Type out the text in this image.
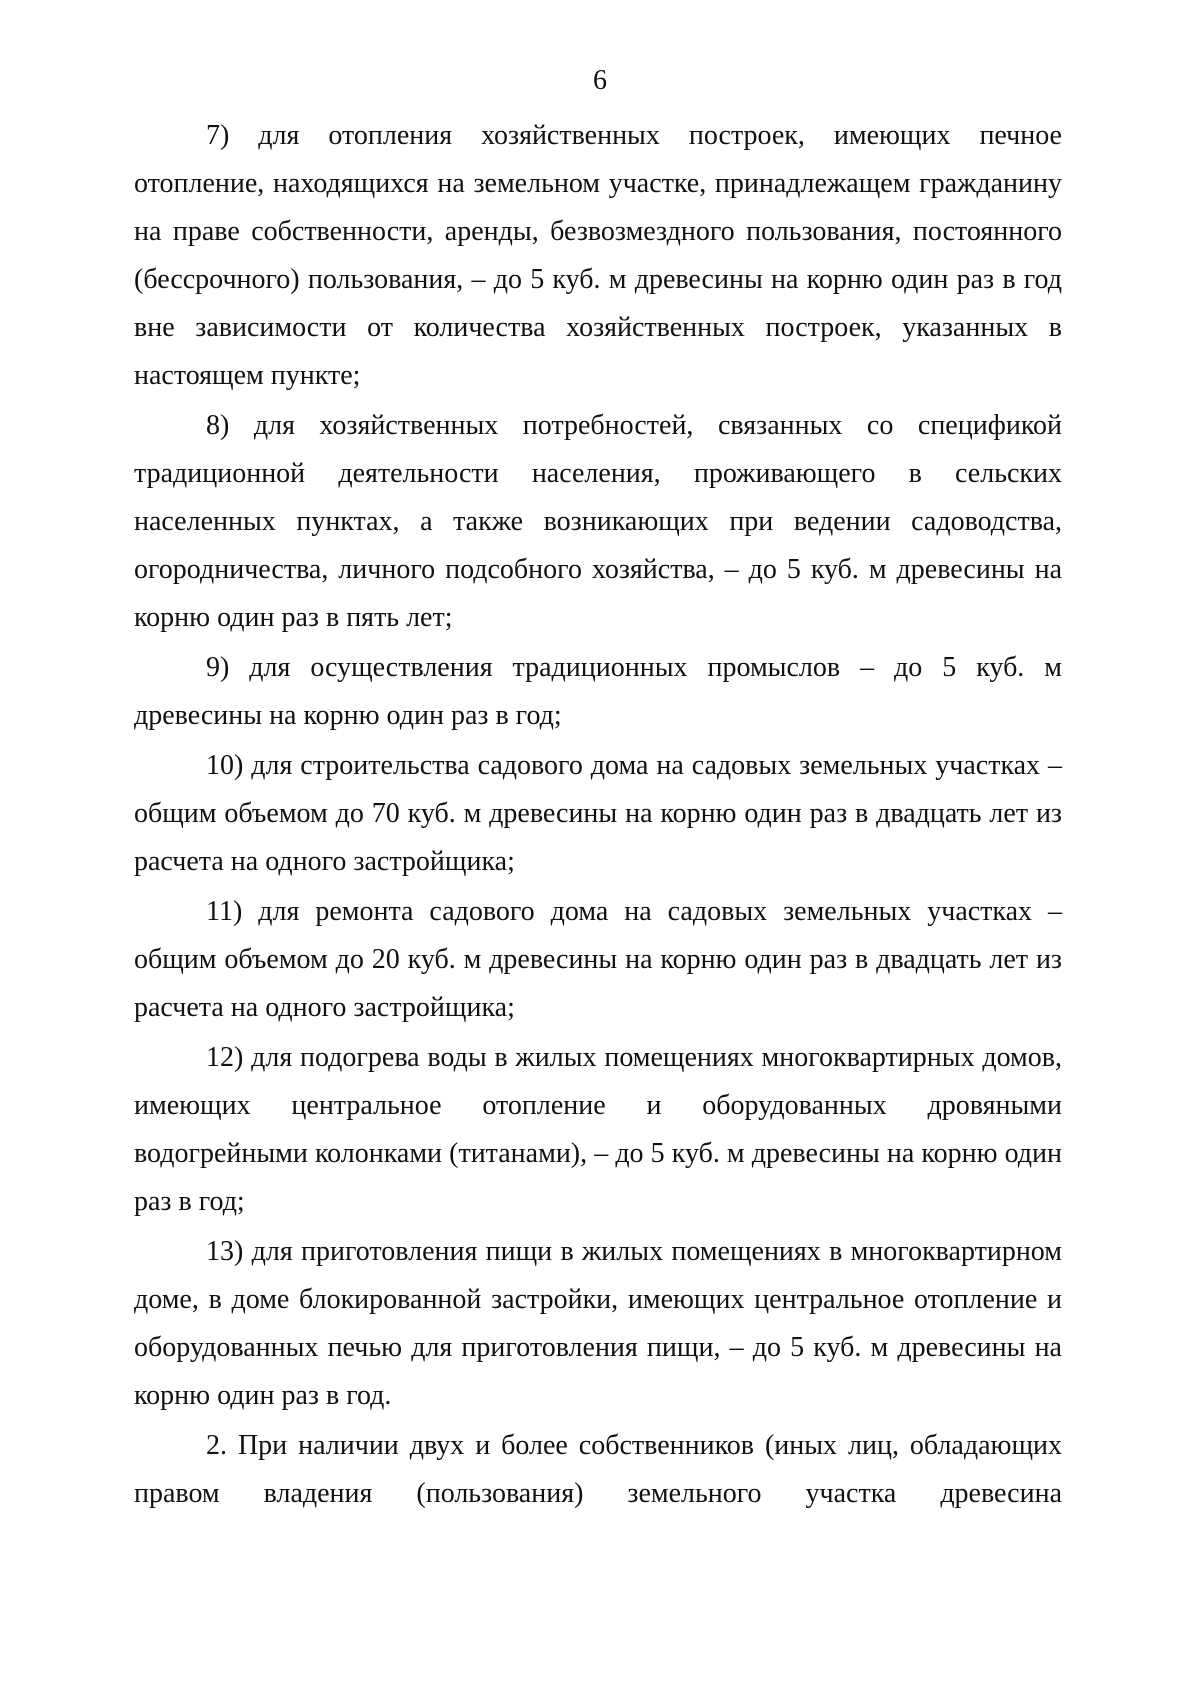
6

7) для отопления хозяйственных построек, имеющих печное отопление, находящихся на земельном участке, принадлежащем гражданину на праве собственности, аренды, безвозмездного пользования, постоянного (бессрочного) пользования, – до 5 куб. м древесины на корню один раз в год вне зависимости от количества хозяйственных построек, указанных в настоящем пункте;

8) для хозяйственных потребностей, связанных со спецификой традиционной деятельности населения, проживающего в сельских населенных пунктах, а также возникающих при ведении садоводства, огородничества, личного подсобного хозяйства, – до 5 куб. м древесины на корню один раз в пять лет;

9) для осуществления традиционных промыслов – до 5 куб. м древесины на корню один раз в год;

10) для строительства садового дома на садовых земельных участках – общим объемом до 70 куб. м древесины на корню один раз в двадцать лет из расчета на одного застройщика;

11) для ремонта садового дома на садовых земельных участках – общим объемом до 20 куб. м древесины на корню один раз в двадцать лет из расчета на одного застройщика;

12) для подогрева воды в жилых помещениях многоквартирных домов, имеющих центральное отопление и оборудованных дровяными водогрейными колонками (титанами), – до 5 куб. м древесины на корню один раз в год;

13) для приготовления пищи в жилых помещениях в многоквартирном доме, в доме блокированной застройки, имеющих центральное отопление и оборудованных печью для приготовления пищи, – до 5 куб. м древесины на корню один раз в год.

2. При наличии двух и более собственников (иных лиц, обладающих правом владения (пользования) земельного участка древесина
